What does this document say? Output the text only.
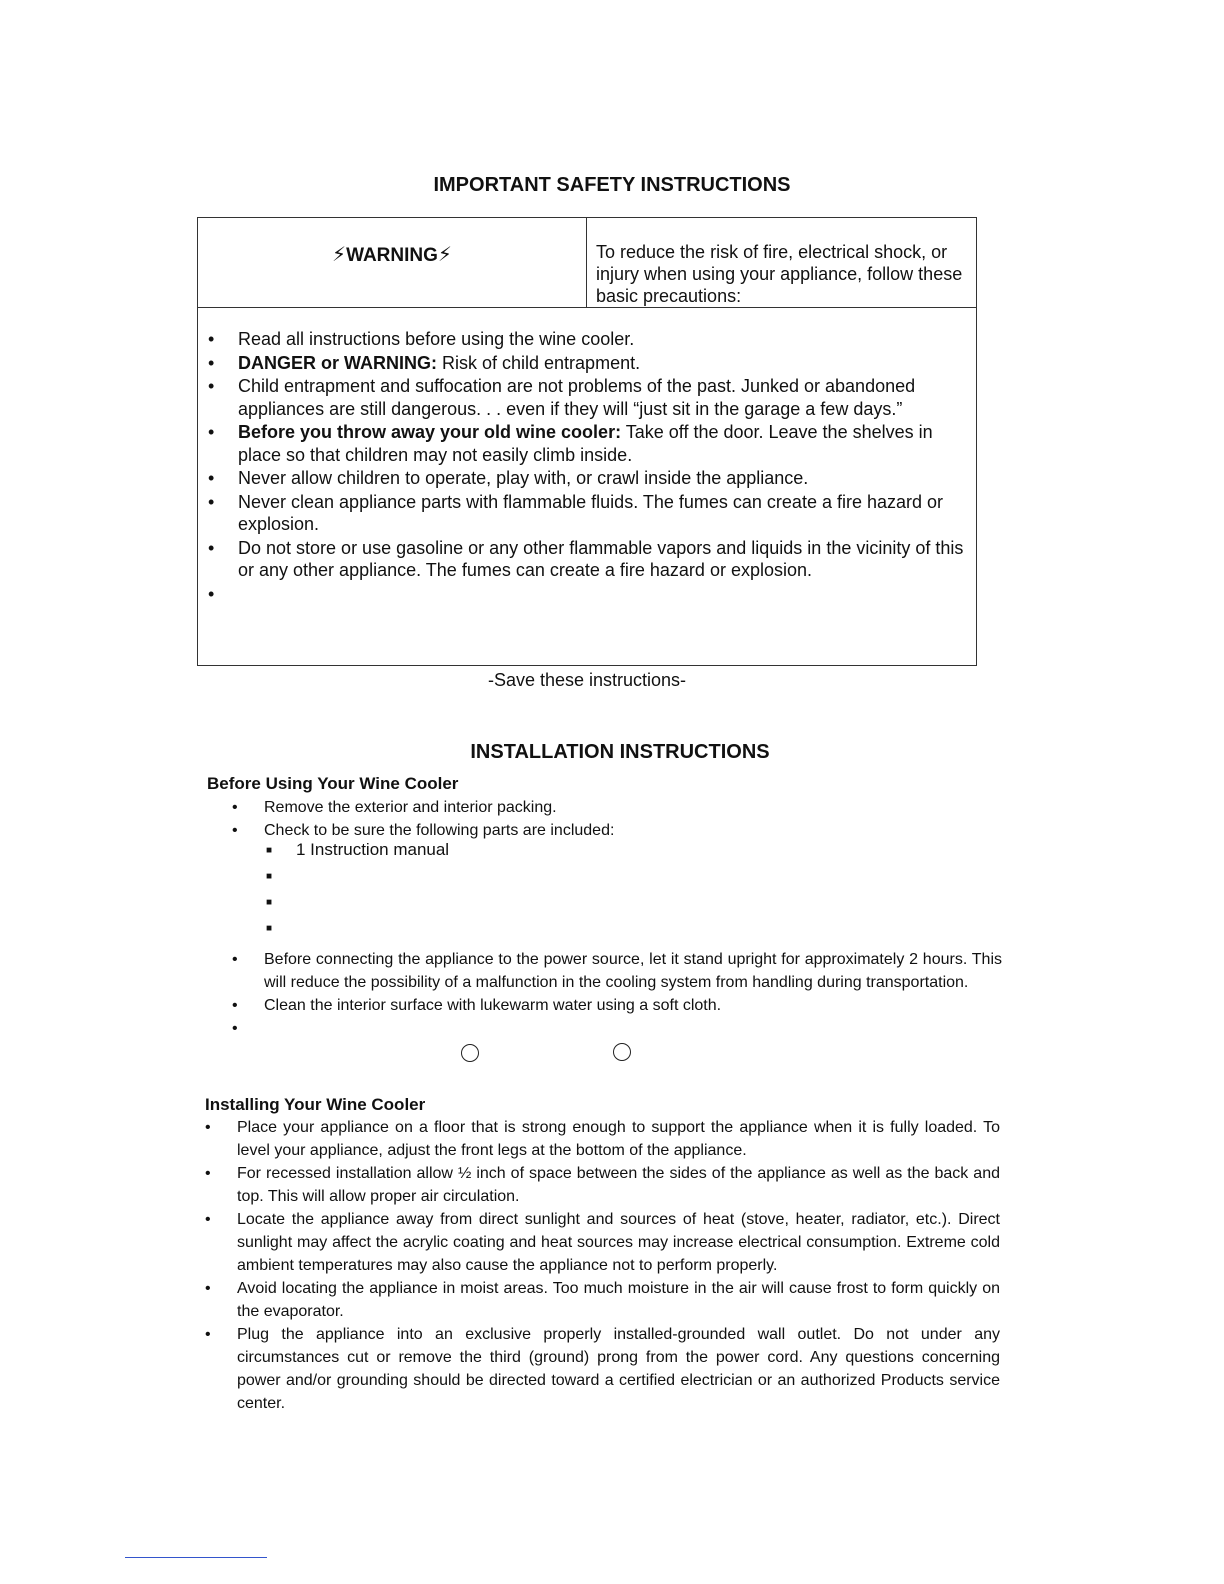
IMPORTANT SAFETY INSTRUCTIONS
⚡WARNING⚡	To reduce the risk of fire, electrical shock, or injury when using your appliance, follow these basic precautions:
• Read all instructions before using the wine cooler.
• DANGER or WARNING: Risk of child entrapment.
• Child entrapment and suffocation are not problems of the past. Junked or abandoned appliances are still dangerous. . . even if they will “just sit in the garage a few days.”
• Before you throw away your old wine cooler: Take off the door. Leave the shelves in place so that children may not easily climb inside.
• Never allow children to operate, play with, or crawl inside the appliance.
• Never clean appliance parts with flammable fluids. The fumes can create a fire hazard or explosion.
• Do not store or use gasoline or any other flammable vapors and liquids in the vicinity of this or any other appliance. The fumes can create a fire hazard or explosion.
•

-Save these instructions-
INSTALLATION INSTRUCTIONS
Before Using Your Wine Cooler
• Remove the exterior and interior packing.
• Check to be sure the following parts are included:
■ 1 Instruction manual
■
■
■
• Before connecting the appliance to the power source, let it stand upright for approximately 2 hours. This will reduce the possibility of a malfunction in the cooling system from handling during transportation.
• Clean the interior surface with lukewarm water using a soft cloth.
•

Installing Your Wine Cooler
• Place your appliance on a floor that is strong enough to support the appliance when it is fully loaded. To level your appliance, adjust the front legs at the bottom of the appliance.
• For recessed installation allow ½ inch of space between the sides of the appliance as well as the back and top. This will allow proper air circulation.
• Locate the appliance away from direct sunlight and sources of heat (stove, heater, radiator, etc.). Direct sunlight may affect the acrylic coating and heat sources may increase electrical consumption. Extreme cold ambient temperatures may also cause the appliance not to perform properly.
• Avoid locating the appliance in moist areas. Too much moisture in the air will cause frost to form quickly on the evaporator.
• Plug the appliance into an exclusive properly installed-grounded wall outlet. Do not under any circumstances cut or remove the third (ground) prong from the power cord. Any questions concerning power and/or grounding should be directed toward a certified electrician or an authorized Products service center.
